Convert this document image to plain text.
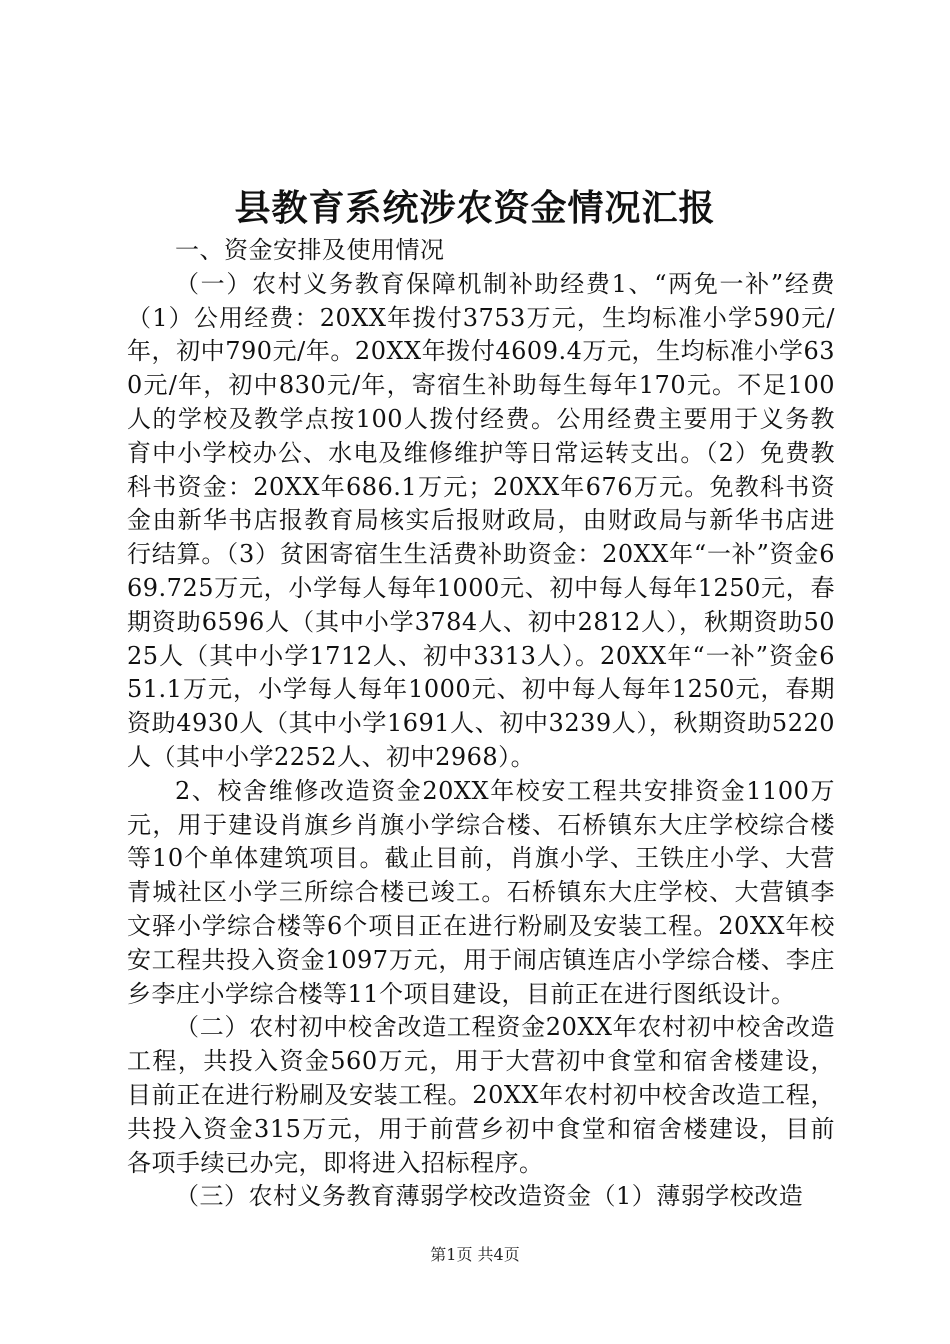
县教育系统涉农资金情况汇报

一、资金安排及使用情况

（一）农村义务教育保障机制补助经费1、“两免一补”经费（1）公用经费：20XX年拨付3753万元，生均标准小学590元/年，初中790元/年。20XX年拨付4609.4万元，生均标准小学630元/年，初中830元/年，寄宿生补助每生每年170元。不足100人的学校及教学点按100人拨付经费。公用经费主要用于义务教育中小学校办公、水电及维修维护等日常运转支出。（2）免费教科书资金：20XX年686.1万元；20XX年676万元。免教科书资金由新华书店报教育局核实后报财政局，由财政局与新华书店进行结算。（3）贫困寄宿生生活费补助资金：20XX年“一补”资金669.725万元，小学每人每年1000元、初中每人每年1250元，春期资助6596人（其中小学3784人、初中2812人），秋期资助5025人（其中小学1712人、初中3313人）。20XX年“一补”资金651.1万元，小学每人每年1000元、初中每人每年1250元，春期资助4930人（其中小学1691人、初中3239人），秋期资助5220人（其中小学2252人、初中2968）。

2、校舍维修改造资金20XX年校安工程共安排资金1100万元，用于建设肖旗乡肖旗小学综合楼、石桥镇东大庄学校综合楼等10个单体建筑项目。截止目前，肖旗小学、王铁庄小学、大营青城社区小学三所综合楼已竣工。石桥镇东大庄学校、大营镇李文驿小学综合楼等6个项目正在进行粉刷及安装工程。20XX年校安工程共投入资金1097万元，用于闹店镇连店小学综合楼、李庄乡李庄小学综合楼等11个项目建设，目前正在进行图纸设计。

（二）农村初中校舍改造工程资金20XX年农村初中校舍改造工程，共投入资金560万元，用于大营初中食堂和宿舍楼建设，目前正在进行粉刷及安装工程。20XX年农村初中校舍改造工程，共投入资金315万元，用于前营乡初中食堂和宿舍楼建设，目前各项手续已办完，即将进入招标程序。

（三）农村义务教育薄弱学校改造资金（1）薄弱学校改造

第1页 共4页
